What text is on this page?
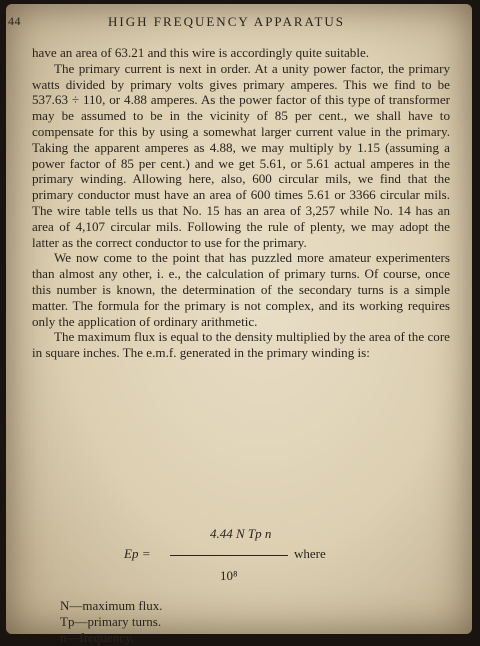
44	HIGH FREQUENCY APPARATUS

have an area of 63.21 and this wire is accordingly quite suitable.

The primary current is next in order. At a unity power factor, the primary watts divided by primary volts gives primary amperes. This we find to be 537.63 ÷ 110, or 4.88 amperes. As the power factor of this type of transformer may be assumed to be in the vicinity of 85 per cent., we shall have to compensate for this by using a somewhat larger current value in the primary. Taking the apparent amperes as 4.88, we may multiply by 1.15 (assuming a power factor of 85 per cent.) and we get 5.61, or 5.61 actual amperes in the primary winding. Allowing here, also, 600 circular mils, we find that the primary conductor must have an area of 600 times 5.61 or 3366 circular mils. The wire table tells us that No. 15 has an area of 3,257 while No. 14 has an area of 4,107 circular mils. Following the rule of plenty, we may adopt the latter as the correct conductor to use for the primary.

We now come to the point that has puzzled more amateur experimenters than almost any other, i. e., the calculation of primary turns. Of course, once this number is known, the determination of the secondary turns is a simple matter. The formula for the primary is not complex, and its working requires only the application of ordinary arithmetic.

The maximum flux is equal to the density multiplied by the area of the core in square inches. The e.m.f. generated in the primary winding is:

4.44 N Tp n
Ep =	where
10⁸
N—maximum flux.
Tp—primary turns.
n—frequency.
